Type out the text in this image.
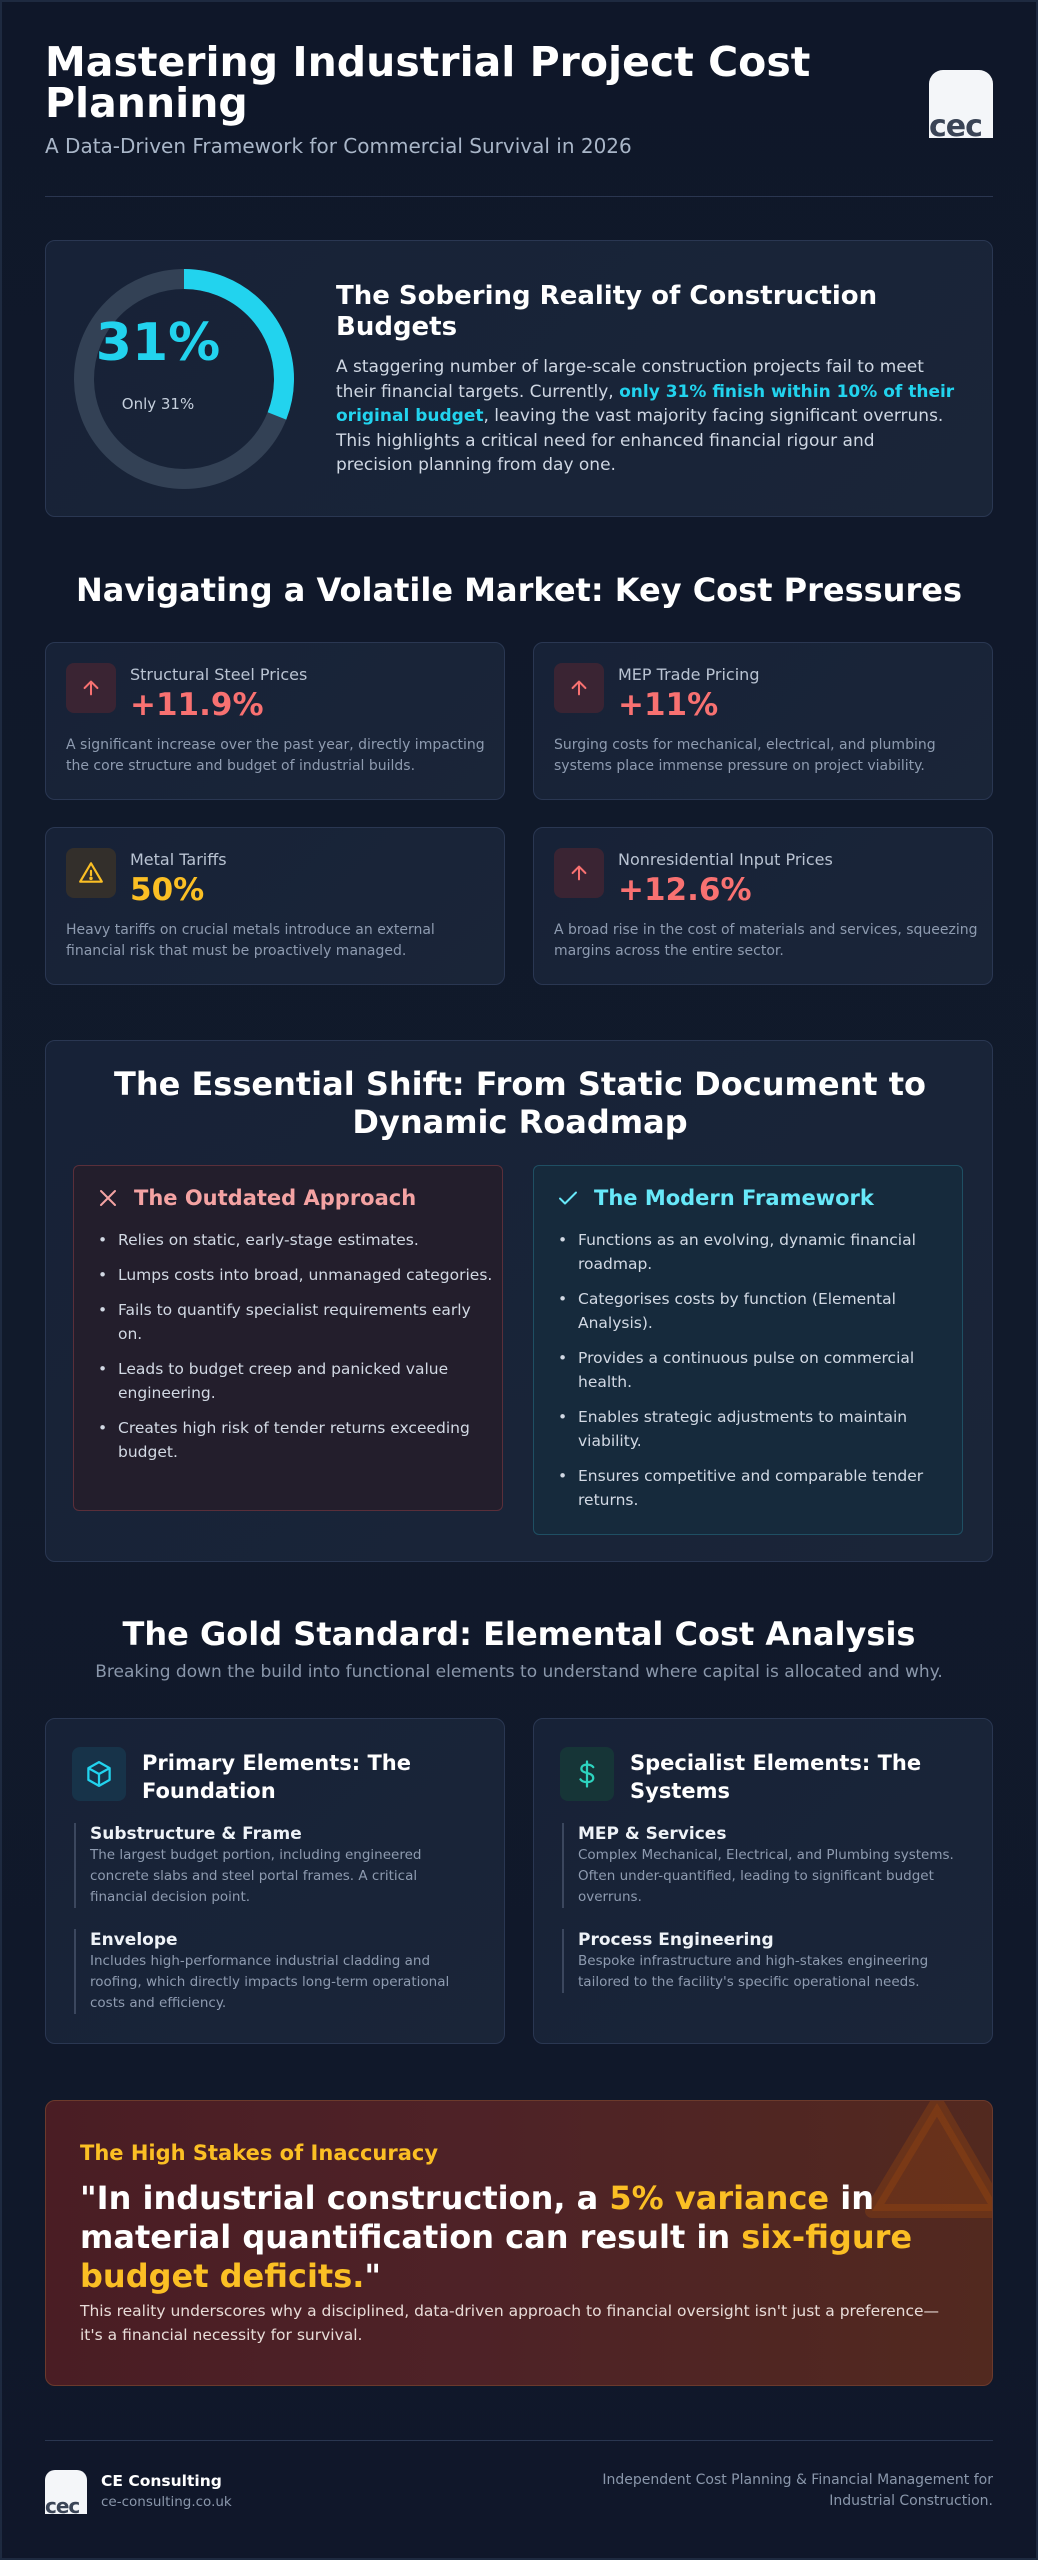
Mastering Industrial Project Cost Planning
A Data-Driven Framework for Commercial Survival in 2026
cec
31%
Only 31%
The Sobering Reality of Construction Budgets

A staggering number of large-scale construction projects fail to meet their financial targets. Currently, only 31% finish within 10% of their original budget, leaving the vast majority facing significant overruns. This highlights a critical need for enhanced financial rigour and precision planning from day one.

Navigating a Volatile Market: Key Cost Pressures
Structural Steel Prices
+11.9%
A significant increase over the past year, directly impacting the core structure and budget of industrial builds.
MEP Trade Pricing
+11%
Surging costs for mechanical, electrical, and plumbing systems place immense pressure on project viability.
Metal Tariffs
50%
Heavy tariffs on crucial metals introduce an external financial risk that must be proactively managed.
Nonresidential Input Prices
+12.6%
A broad rise in the cost of materials and services, squeezing margins across the entire sector.
The Essential Shift: From Static Document to Dynamic Roadmap
The Outdated Approach
• Relies on static, early-stage estimates.
• Lumps costs into broad, unmanaged categories.
• Fails to quantify specialist requirements early on.
• Leads to budget creep and panicked value engineering.
• Creates high risk of tender returns exceeding budget.
The Modern Framework
• Functions as an evolving, dynamic financial roadmap.
• Categorises costs by function (Elemental Analysis).
• Provides a continuous pulse on commercial health.
• Enables strategic adjustments to maintain viability.
• Ensures competitive and comparable tender returns.
The Gold Standard: Elemental Cost Analysis
Breaking down the build into functional elements to understand where capital is allocated and why.
Primary Elements: The Foundation
Substructure & Frame
The largest budget portion, including engineered concrete slabs and steel portal frames. A critical financial decision point.
Envelope
Includes high-performance industrial cladding and roofing, which directly impacts long-term operational costs and efficiency.
Specialist Elements: The Systems
MEP & Services
Complex Mechanical, Electrical, and Plumbing systems. Often under-quantified, leading to significant budget overruns.
Process Engineering
Bespoke infrastructure and high-stakes engineering tailored to the facility's specific operational needs.
The High Stakes of Inaccuracy
"In industrial construction, a 5% variance in material quantification can result in six-figure budget deficits."

This reality underscores why a disciplined, data-driven approach to financial oversight isn't just a preference—it's a financial necessity for survival.

cec
CE Consulting
ce-consulting.co.uk
Independent Cost Planning & Financial Management for Industrial Construction.
